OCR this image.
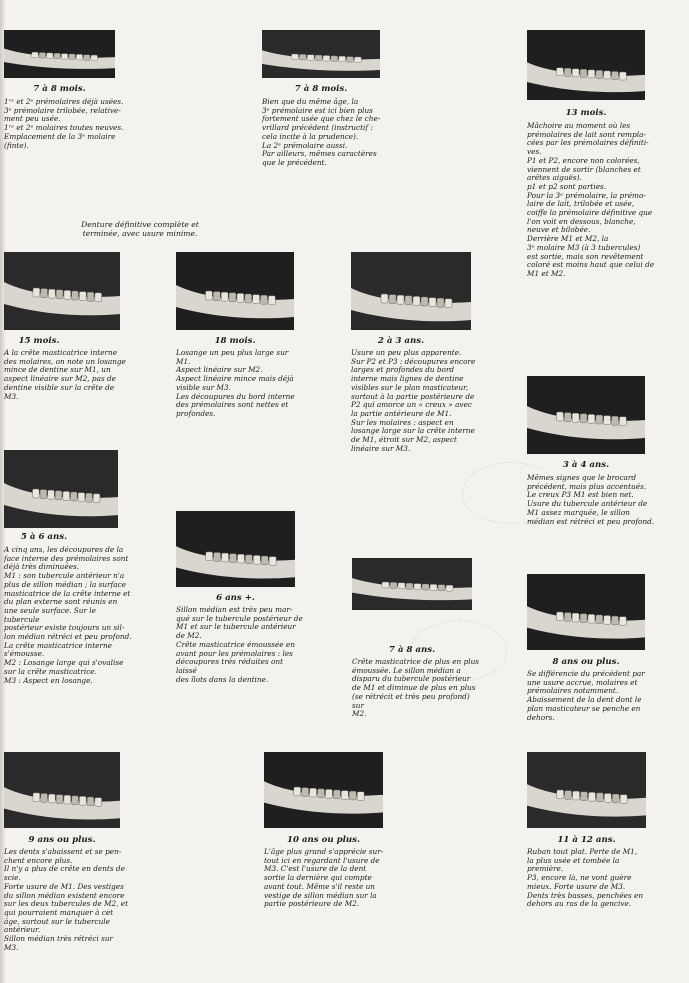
7 à 8 mois.
1ʳᵉ et 2ᵉ prémolaires déjà usées.
3ᵉ prémolaire trilobée, relative-
ment peu usée.
1ʳᵉ et 2ᵉ molaires toutes neuves.
Emplacement de la 3ᵉ molaire
(finte).
7 à 8 mois.
Bien que du même âge, la
3ᵉ prémolaire est ici bien plus
fortement usée que chez le che-
vrillard précédent (instructif :
cela incite à la prudence).
La 2ᵉ prémolaire aussi.
Par ailleurs, mêmes caractères
que le précédent.
13 mois.
Mâchoire au moment où les
prémolaires de lait sont rempla-
cées par les prémolaires définiti-
ves.
P1 et P2, encore non colorées,
viennent de sortir (blanches et
arêtes aiguës).
p1 et p2 sont parties.
Pour la 3ᵉ prémolaire, la prémo-
laire de lait, trilobée et usée,
coiffe la prémolaire définitive que
l'on voit en dessous, blanche,
neuve et bilobée.
Derrière M1 et M2, la
3ᵉ molaire M3 (à 3 tubercules)
est sortie, mais son revêtement
coloré est moins haut que celui de
M1 et M2.
Denture définitive complète et
terminée, avec usure minime.
15 mois.
A la crête masticatrice interne
des molaires, on note un losange
mince de dentine sur M1, un
aspect linéaire sur M2, pas de
dentine visible sur la crête de
M3.
18 mois.
Losange un peu plus large sur
M1.
Aspect linéaire sur M2.
Aspect linéaire mince mais déjà
visible sur M3.
Les découpures du bord interne
des prémolaires sont nettes et
profondes.
2 à 3 ans.
Usure un peu plus apparente.
Sur P2 et P3 : découpures encore
larges et profondes du bord
interne mais lignes de dentine
visibles sur le plan masticateur,
surtout à la partie postérieure de
P2 qui amorce un « creux » avec
la partie antérieure de M1.
Sur les molaires : aspect en
losange large sur la crête interne
de M1, étroit sur M2, aspect
linéaire sur M3.
3 à 4 ans.
Mêmes signes que le brocard
précédent, mais plus accentués.
Le creux P3 M1 est bien net.
Usure du tubercule antérieur de
M1 assez marquée, le sillon
médian est rétréci et peu profond.
5 à 6 ans.
A cinq ans, les découpures de la
face interne des prémolaires sont
déjà très diminuées.
M1 : son tubercule antérieur n'a
plus de sillon médian ; la surface
masticatrice de la crête interne et
du plan externe sont réunis en
une seule surface. Sur le tubercule
postérieur existe toujours un sil-
lon médian rétréci et peu profond.
La crête masticatrice interne
s'émousse.
M2 : Losange large qui s'ovalise
sur la crête masticatrice.
M3 : Aspect en losange.
6 ans +.
Sillon médian est très peu mar-
qué sur le tubercule postérieur de
M1 et sur le tubercule antérieur
de M2.
Crête masticatrice émoussée en
avant pour les prémolaires : les
découpures très réduites ont laissé
des îlots dans la dentine.
7 à 8 ans.
Crête masticatrice de plus en plus
émoussée. Le sillon médian a
disparu du tubercule postérieur
de M1 et diminue de plus en plus
(se rétrécit et très peu profond) sur
M2.
8 ans ou plus.
Se différencie du précédent par
une usure accrue, molaires et
prémolaires notamment.
Abaissement de la dent dont le
plan masticateur se penche en
dehors.
9 ans ou plus.
Les dents s'abaissent et se pen-
chent encore plus.
Il n'y a plus de crête en dents de
scie.
Forte usure de M1. Des vestiges
du sillon médian existent encore
sur les deux tubercules de M2, et
qui pourraient manquer à cet
âge, surtout sur le tubercule
antérieur.
Sillon médian très rétréci sur
M3.
10 ans ou plus.
L'âge plus grand s'apprécie sur-
tout ici en regardant l'usure de
M3. C'est l'usure de la dent
sortie la dernière qui compte
avant tout. Même s'il reste un
vestige de sillon médian sur la
partie postérieure de M2.
11 à 12 ans.
Ruban tout plat. Perte de M1,
la plus usée et tombée la première.
P3, encore là, ne vont guère
mieux. Forte usure de M3.
Dents très basses, penchées en
dehors au ras de la gencive.
